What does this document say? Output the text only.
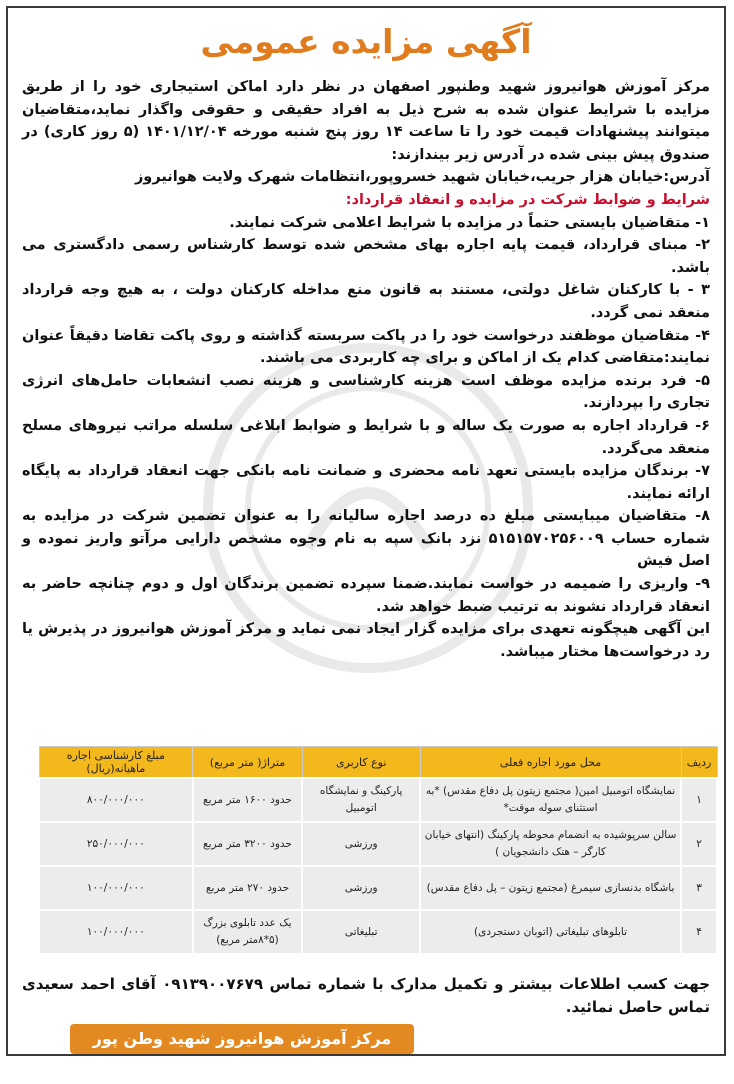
آگهی مزایده عمومی

مرکز آموزش هوانیروز شهید وطنپور اصفهان در نظر دارد اماکن استیجاری خود را از طریق مزایده با شرایط عنوان شده به شرح ذیل به افراد حقیقی و حقوقی واگذار نماید،متقاضیان میتوانند پیشنهادات قیمت خود را تا ساعت ۱۴ روز پنج شنبه مورخه ۱۴۰۱/۱۲/۰۴ (۵ روز کاری) در صندوق پیش بینی شده در آدرس زیر بیندازند:

آدرس:خیابان هزار جریب،خیابان شهید خسروپور،انتظامات شهرک ولایت هوانیروز

شرایط و ضوابط شرکت در مزایده و انعقاد قرارداد:

۱- متقاضیان بایستی حتماً در مزایده با شرایط اعلامی شرکت نمایند.

۲- مبنای قرارداد، قیمت پایه اجاره بهای مشخص شده توسط کارشناس رسمی دادگستری می باشد.

۳ - با کارکنان شاغل دولتی، مستند به قانون منع مداخله کارکنان دولت ، به هیچ وجه قرارداد منعقد نمی گردد.

۴- متقاضیان موظفند درخواست خود را در پاکت سربسته گذاشته و روی پاکت تقاضا دقیقاً عنوان نمایند:متقاضی کدام یک از اماکن و برای چه کاربردی می باشند.

۵- فرد برنده مزایده موظف است هزینه کارشناسی و هزینه نصب انشعابات حامل‌های انرژی تجاری را بپردازند.

۶- قرارداد اجاره به صورت یک ساله و با شرایط و ضوابط ابلاغی سلسله مراتب نیروهای مسلح منعقد می‌گردد.

۷- برندگان مزایده بایستی تعهد نامه محضری و ضمانت نامه بانکی جهت انعقاد قرارداد به پایگاه ارائه نمایند.

۸- متقاضیان میبایستی مبلغ ده درصد اجاره سالیانه را به عنوان تضمین شرکت در مزایده به شماره حساب ۵۱۵۱۵۷۰۲۵۶۰۰۹ نزد بانک سپه به نام وجوه مشخص دارایی مرآتو واریز نموده و اصل فیش

۹- واریزی را ضمیمه در خواست نمایند.ضمنا سپرده تضمین برندگان اول و دوم چنانچه حاضر به انعقاد قرارداد نشوند به ترتیب ضبط خواهد شد.

این آگهی هیچگونه تعهدی برای مزایده گزار ایجاد نمی نماید و مرکز آموزش هوانیروز در پذیرش یا رد درخواست‌ها مختار میباشد.

ردیف	محل مورد اجاره فعلی	نوع کاربری	متراژ( متر مربع)	مبلغ کارشناسی اجاره ماهیانه(ریال)
۱	نمایشگاه اتومبیل امین( مجتمع زیتون پل دفاع مقدس) *به استثنای سوله موقت*	پارکینگ و نمایشگاه اتومبیل	حدود ۱۶۰۰ متر مربع	۸۰۰/۰۰۰/۰۰۰
۲	سالن سرپوشیده به انضمام محوطه پارکینگ (انتهای خیابان کارگر – هتک دانشجویان )	ورزشی	حدود ۳۲۰۰ متر مربع	۲۵۰/۰۰۰/۰۰۰
۳	باشگاه بدنسازی سیمرغ (مجتمع زیتون – پل دفاع مقدس)	ورزشی	حدود ۲۷۰ متر مربع	۱۰۰/۰۰۰/۰۰۰
۴	تابلوهای تبلیغاتی (اتوبان دستجردی)	تبلیغاتی	یک عدد تابلوی بزرگ (۵*۸متر مربع)	۱۰۰/۰۰۰/۰۰۰
جهت کسب اطلاعات بیشتر و تکمیل مدارک با شماره تماس ۰۹۱۳۹۰۰۷۶۷۹ آقای احمد سعیدی تماس حاصل نمائید.
مرکز آموزش هوانیروز شهید وطن پور اصفهان
